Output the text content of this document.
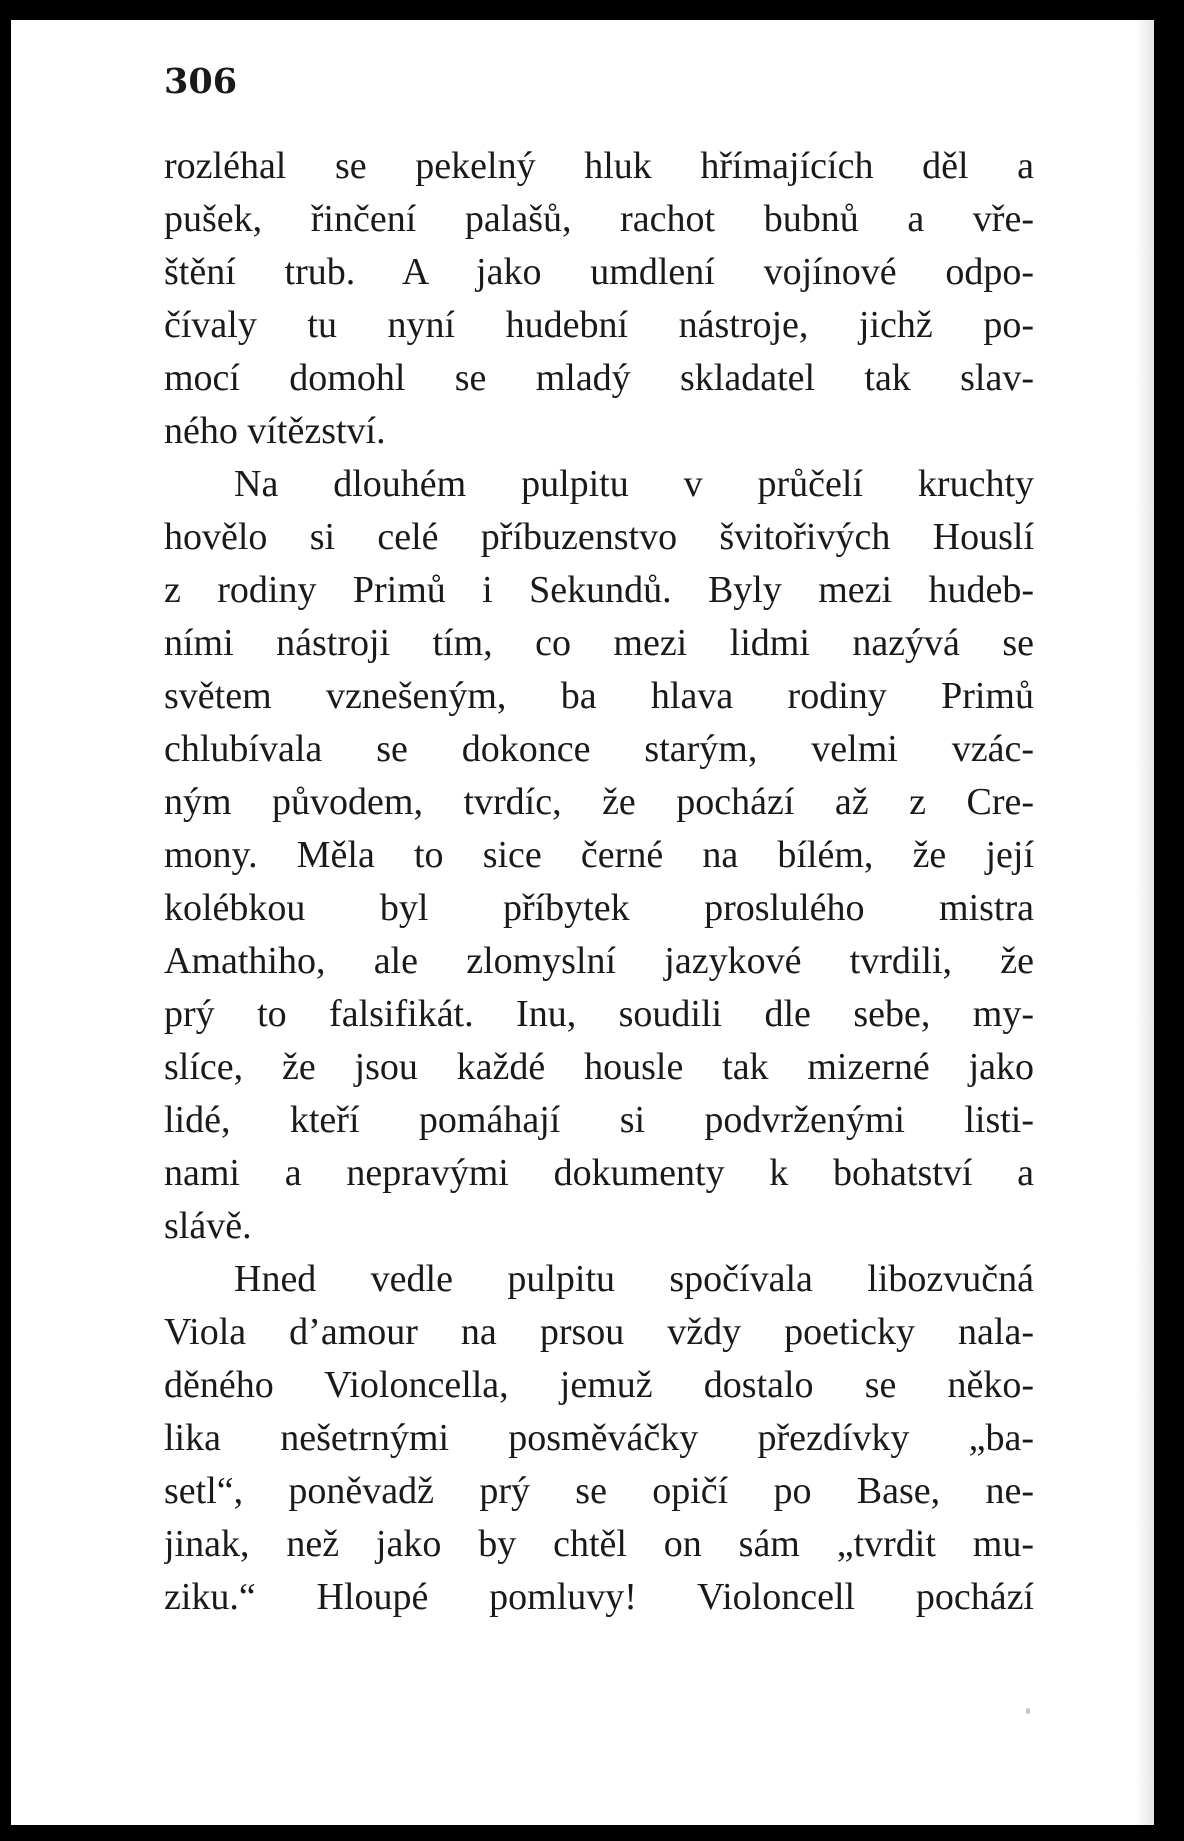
306

rozléhal se pekelný hluk hřímajících děl a
pušek, řinčení palašů, rachot bubnů a vře-
štění trub. A jako umdlení vojínové odpo-
čívaly tu nyní hudební nástroje, jichž po-
mocí domohl se mladý skladatel tak slav-
ného vítězství.

Na dlouhém pulpitu v průčelí kruchty
hovělo si celé příbuzenstvo švitořivých Houslí
z rodiny Primů i Sekundů. Byly mezi hudeb-
ními nástroji tím, co mezi lidmi nazývá se
světem vznešeným, ba hlava rodiny Primů
chlubívala se dokonce starým, velmi vzác-
ným původem, tvrdíc, že pochází až z Cre-
mony. Měla to sice černé na bílém, že její
kolébkou byl příbytek proslulého mistra
Amathiho, ale zlomyslní jazykové tvrdili, že
prý to falsifikát. Inu, soudili dle sebe, my-
slíce, že jsou každé housle tak mizerné jako
lidé, kteří pomáhají si podvrženými listi-
nami a nepravými dokumenty k bohatství a
slávě.

Hned vedle pulpitu spočívala libozvučná
Viola d’amour na prsou vždy poeticky nala-
děného Violoncella, jemuž dostalo se něko-
lika nešetrnými posměváčky přezdívky „ba-
setl“, poněvadž prý se opičí po Base, ne-
jinak, než jako by chtěl on sám „tvrdit mu-
ziku.“ Hloupé pomluvy! Violoncell pochází
